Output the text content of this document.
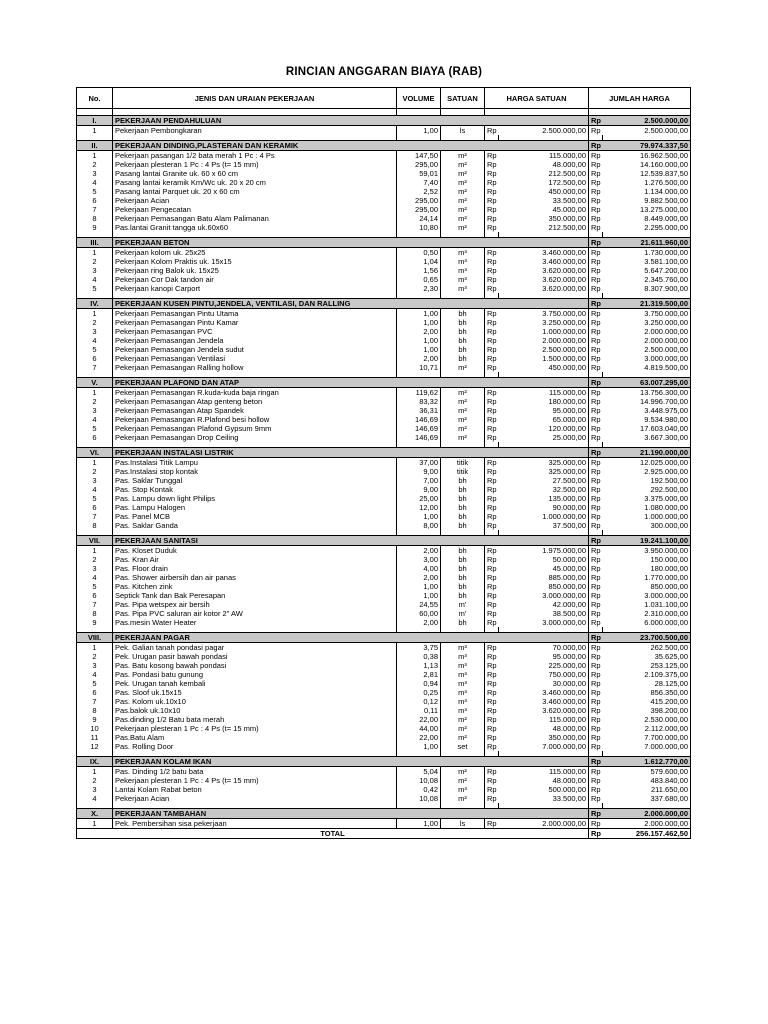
RINCIAN ANGGARAN BIAYA (RAB)
No.	JENIS DAN URAIAN PEKERJAAN	VOLUME	SATUAN	HARGA SATUAN		JUMLAH HARGA	

I.	PEKERJAAN PENDAHULUAN					Rp	2.500.000,00
1	Pekerjaan Pembongkaran	1,00	ls	Rp	2.500.000,00	Rp	2.500.000,00

II.	PEKERJAAN DINDING,PLASTERAN DAN KERAMIK					Rp	79.974.337,50
1	Pekerjaan pasangan 1/2 bata merah 1 Pc : 4 Ps	147,50	m²	Rp	115.000,00	Rp	16.962.500,00
2	Pekerjaan plesteran 1 Pc : 4 Ps (t= 15 mm)	295,00	m²	Rp	48.000,00	Rp	14.160.000,00
3	Pasang lantai Granite uk. 60 x 60 cm	59,01	m²	Rp	212.500,00	Rp	12.539.837,50
4	Pasang lantai keramik Km/Wc uk. 20 x 20 cm	7,40	m²	Rp	172.500,00	Rp	1.276.500,00
5	Pasang lantai Parquet uk. 20 x 60 cm	2,52	m²	Rp	450.000,00	Rp	1.134.000,00
6	Pekerjaan Acian	295,00	m²	Rp	33.500,00	Rp	9.882.500,00
7	Pekerjaan Pengecatan	295,00	m²	Rp	45.000,00	Rp	13.275.000,00
8	Pekerjaan Pemasangan Batu Alam Palimanan	24,14	m²	Rp	350.000,00	Rp	8.449.000,00
9	Pas.lantai Granit tangga uk.60x60	10,80	m²	Rp	212.500,00	Rp	2.295.000,00

III.	PEKERJAAN BETON					Rp	21.611.960,00
1	Pekerjaan kolom uk. 25x25	0,50	m³	Rp	3.460.000,00	Rp	1.730.000,00
2	Pekerjaan Kolom Praktis uk. 15x15	1,04	m³	Rp	3.460.000,00	Rp	3.581.100,00
3	Pekerjaan ring Balok uk. 15x25	1,56	m³	Rp	3.620.000,00	Rp	5.647.200,00
4	Pekerjaan Cor Dak tandon air	0,65	m³	Rp	3.620.000,00	Rp	2.345.760,00
5	Pekerjaan kanopi Carport	2,30	m³	Rp	3.620.000,00	Rp	8.307.900,00

IV.	PEKERJAAN KUSEN PINTU,JENDELA, VENTILASI, DAN RALLING					Rp	21.319.500,00
1	Pekerjaan Pemasangan Pintu Utama	1,00	bh	Rp	3.750.000,00	Rp	3.750.000,00
2	Pekerjaan Pemasangan Pintu Kamar	1,00	bh	Rp	3.250.000,00	Rp	3.250.000,00
3	Pekerjaan Pemasangan PVC	2,00	bh	Rp	1.000.000,00	Rp	2.000.000,00
4	Pekerjaan Pemasangan Jendela	1,00	bh	Rp	2.000.000,00	Rp	2.000.000,00
5	Pekerjaan Pemasangan Jendela sudut	1,00	bh	Rp	2.500.000,00	Rp	2.500.000,00
6	Pekerjaan Pemasangan Ventilasi	2,00	bh	Rp	1.500.000,00	Rp	3.000.000,00
7	Pekerjaan Pemasangan Ralling hollow	10,71	m²	Rp	450.000,00	Rp	4.819.500,00

V.	PEKERJAAN PLAFOND DAN ATAP					Rp	63.007.295,00
1	Pekerjaan Pemasangan R.kuda-kuda baja ringan	119,62	m²	Rp	115.000,00	Rp	13.756.300,00
2	Pekerjaan Pemasangan Atap genteng beton	83,32	m²	Rp	180.000,00	Rp	14.996.700,00
3	Pekerjaan Pemasangan Atap Spandek	36,31	m²	Rp	95.000,00	Rp	3.448.975,00
4	Pekerjaan Pemasangan R.Plafond besi hollow	146,69	m²	Rp	65.000,00	Rp	9.534.980,00
5	Pekerjaan Pemasangan Plafond Gypsum 9mm	146,69	m²	Rp	120.000,00	Rp	17.603.040,00
6	Pekerjaan Pemasangan Drop Ceiling	146,69	m²	Rp	25.000,00	Rp	3.667.300,00

VI.	PEKERJAAN INSTALASI LISTRIK					Rp	21.190.000,00
1	Pas.Instalasi Titik Lampu	37,00	titik	Rp	325.000,00	Rp	12.025.000,00
2	Pas.Instalasi stop kontak	9,00	titik	Rp	325.000,00	Rp	2.925.000,00
3	Pas. Saklar Tunggal	7,00	bh	Rp	27.500,00	Rp	192.500,00
4	Pas. Stop Kontak	9,00	bh	Rp	32.500,00	Rp	292.500,00
5	Pas. Lampu down light Philips	25,00	bh	Rp	135.000,00	Rp	3.375.000,00
6	Pas. Lampu Halogen	12,00	bh	Rp	90.000,00	Rp	1.080.000,00
7	Pas. Panel MCB	1,00	bh	Rp	1.000.000,00	Rp	1.000.000,00
8	Pas. Saklar Ganda	8,00	bh	Rp	37.500,00	Rp	300.000,00

VII.	PEKERJAAN SANITASI					Rp	19.241.100,00
1	Pas. Kloset Duduk	2,00	bh	Rp	1.975.000,00	Rp	3.950.000,00
2	Pas. Kran Air	3,00	bh	Rp	50.000,00	Rp	150.000,00
3	Pas. Floor drain	4,00	bh	Rp	45.000,00	Rp	180.000,00
4	Pas. Shower airbersih dan air panas	2,00	bh	Rp	885.000,00	Rp	1.770.000,00
5	Pas. Kitchen zink	1,00	bh	Rp	850.000,00	Rp	850.000,00
6	Septick Tank dan Bak Peresapan	1,00	bh	Rp	3.000.000,00	Rp	3.000.000,00
7	Pas. Pipa wetspex air bersih	24,55	m'	Rp	42.000,00	Rp	1.031.100,00
8	Pas. Pipa PVC saluran air kotor 2" AW	60,00	m'	Rp	38.500,00	Rp	2.310.000,00
9	Pas.mesin Water Heater	2,00	bh	Rp	3.000.000,00	Rp	6.000.000,00

VIII.	PEKERJAAN PAGAR					Rp	23.700.500,00
1	Pek. Galian tanah pondasi pagar	3,75	m³	Rp	70.000,00	Rp	262.500,00
2	Pek. Urugan pasir bawah pondasi	0,38	m³	Rp	95.000,00	Rp	35.625,00
3	Pas. Batu kosong bawah pondasi	1,13	m³	Rp	225.000,00	Rp	253.125,00
4	Pas. Pondasi batu gunung	2,81	m³	Rp	750.000,00	Rp	2.109.375,00
5	Pek. Urugan tanah kembali	0,94	m³	Rp	30.000,00	Rp	28.125,00
6	Pas. Sloof uk.15x15	0,25	m³	Rp	3.460.000,00	Rp	856.350,00
7	Pas. Kolom uk.10x10	0,12	m³	Rp	3.460.000,00	Rp	415.200,00
8	Pas.balok uk.10x10	0,11	m³	Rp	3.620.000,00	Rp	398.200,00
9	Pas.dinding 1/2 Batu bata merah	22,00	m²	Rp	115.000,00	Rp	2.530.000,00
10	Pekerjaan plesteran 1 Pc : 4 Ps (t= 15 mm)	44,00	m²	Rp	48.000,00	Rp	2.112.000,00
11	Pas.Batu Alam	22,00	m²	Rp	350.000,00	Rp	7.700.000,00
12	Pas. Rolling Door	1,00	set	Rp	7.000.000,00	Rp	7.000.000,00

IX.	PEKERJAAN KOLAM IKAN					Rp	1.612.770,00
1	Pas. Dinding 1/2 batu bata	5,04	m²	Rp	115.000,00	Rp	579.600,00
2	Pekerjaan plesteran 1 Pc : 4 Ps (t= 15 mm)	10,08	m²	Rp	48.000,00	Rp	483.840,00
3	Lantai Kolam Rabat beton	0,42	m³	Rp	500.000,00	Rp	211.650,00
4	Pekerjaan Acian	10,08	m²	Rp	33.500,00	Rp	337.680,00

X.	PEKERJAAN TAMBAHAN					Rp	2.000.000,00
1	Pek. Pembersihan sisa pekerjaan	1,00	ls	Rp	2.000.000,00	Rp	2.000.000,00
TOTAL						Rp	256.157.462,50
